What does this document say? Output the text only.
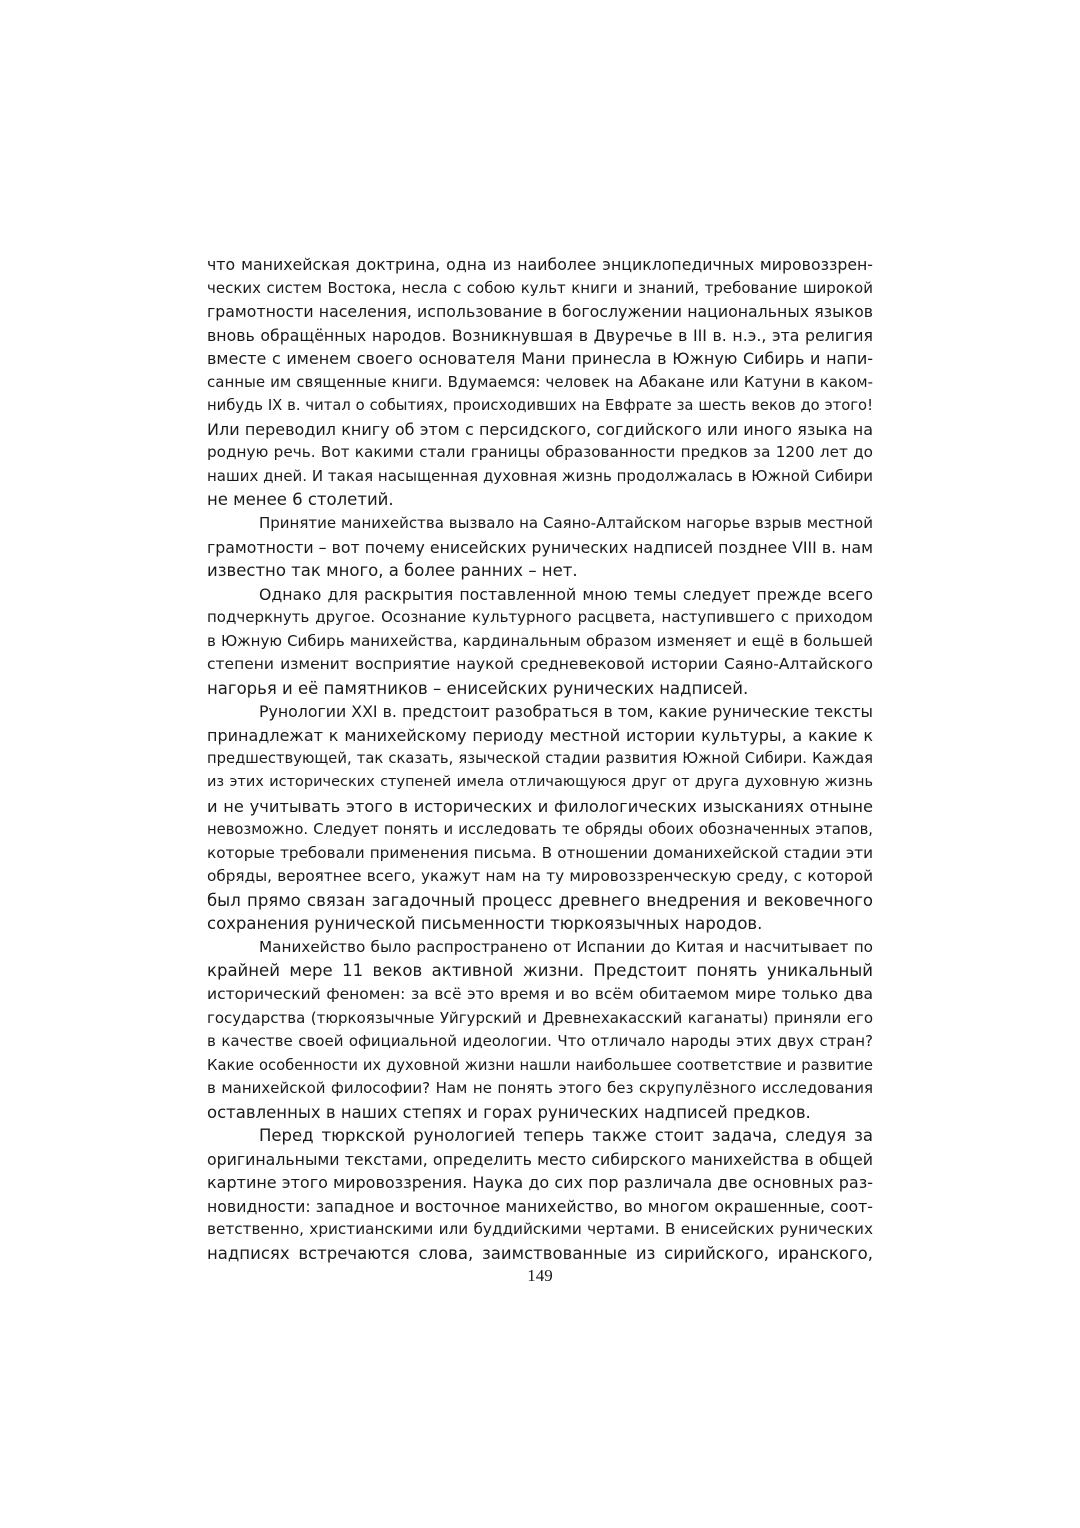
что манихейская доктрина, одна из наиболее энциклопедичных мировоззрен-
ческих систем Востока, несла с собою культ книги и знаний, требование широкой
грамотности населения, использование в богослужении национальных языков
вновь обращённых народов. Возникнувшая в Двуречье в III в. н.э., эта религия
вместе с именем своего основателя Мани принесла в Южную Сибирь и напи-
санные им священные книги. Вдумаемся: человек на Абакане или Катуни в каком-
нибудь IX в. читал о событиях, происходивших на Евфрате за шесть веков до этого!
Или переводил книгу об этом с персидского, согдийского или иного языка на
родную речь. Вот какими стали границы образованности предков за 1200 лет до
наших дней. И такая насыщенная духовная жизнь продолжалась в Южной Сибири
не менее 6 столетий.
Принятие манихейства вызвало на Саяно-Алтайском нагорье взрыв местной
грамотности – вот почему енисейских рунических надписей позднее VIII в. нам
известно так много, а более ранних – нет.
Однако для раскрытия поставленной мною темы следует прежде всего
подчеркнуть другое. Осознание культурного расцвета, наступившего с приходом
в Южную Сибирь манихейства, кардинальным образом изменяет и ещё в большей
степени изменит восприятие наукой средневековой истории Саяно-Алтайского
нагорья и её памятников – енисейских рунических надписей.
Рунологии XXI в. предстоит разобраться в том, какие рунические тексты
принадлежат к манихейскому периоду местной истории культуры, а какие к
предшествующей, так сказать, языческой стадии развития Южной Сибири. Каждая
из этих исторических ступеней имела отличающуюся друг от друга духовную жизнь
и не учитывать этого в исторических и филологических изысканиях отныне
невозможно. Следует понять и исследовать те обряды обоих обозначенных этапов,
которые требовали применения письма. В отношении доманихейской стадии эти
обряды, вероятнее всего, укажут нам на ту мировоззренческую среду, с которой
был прямо связан загадочный процесс древнего внедрения и вековечного
сохранения рунической письменности тюркоязычных народов.
Манихейство было распространено от Испании до Китая и насчитывает по
крайней мере 11 веков активной жизни. Предстоит понять уникальный
исторический феномен: за всё это время и во всём обитаемом мире только два
государства (тюркоязычные Уйгурский и Древнехакасский каганаты) приняли его
в качестве своей официальной идеологии. Что отличало народы этих двух стран?
Какие особенности их духовной жизни нашли наибольшее соответствие и развитие
в манихейской философии? Нам не понять этого без скрупулёзного исследования
оставленных в наших степях и горах рунических надписей предков.
Перед тюркской рунологией теперь также стоит задача, следуя за
оригинальными текстами, определить место сибирского манихейства в общей
картине этого мировоззрения. Наука до сих пор различала две основных раз-
новидности: западное и восточное манихейство, во многом окрашенные, соот-
ветственно, христианскими или буддийскими чертами. В енисейских рунических
надписях встречаются слова, заимствованные из сирийского, иранского,
149
